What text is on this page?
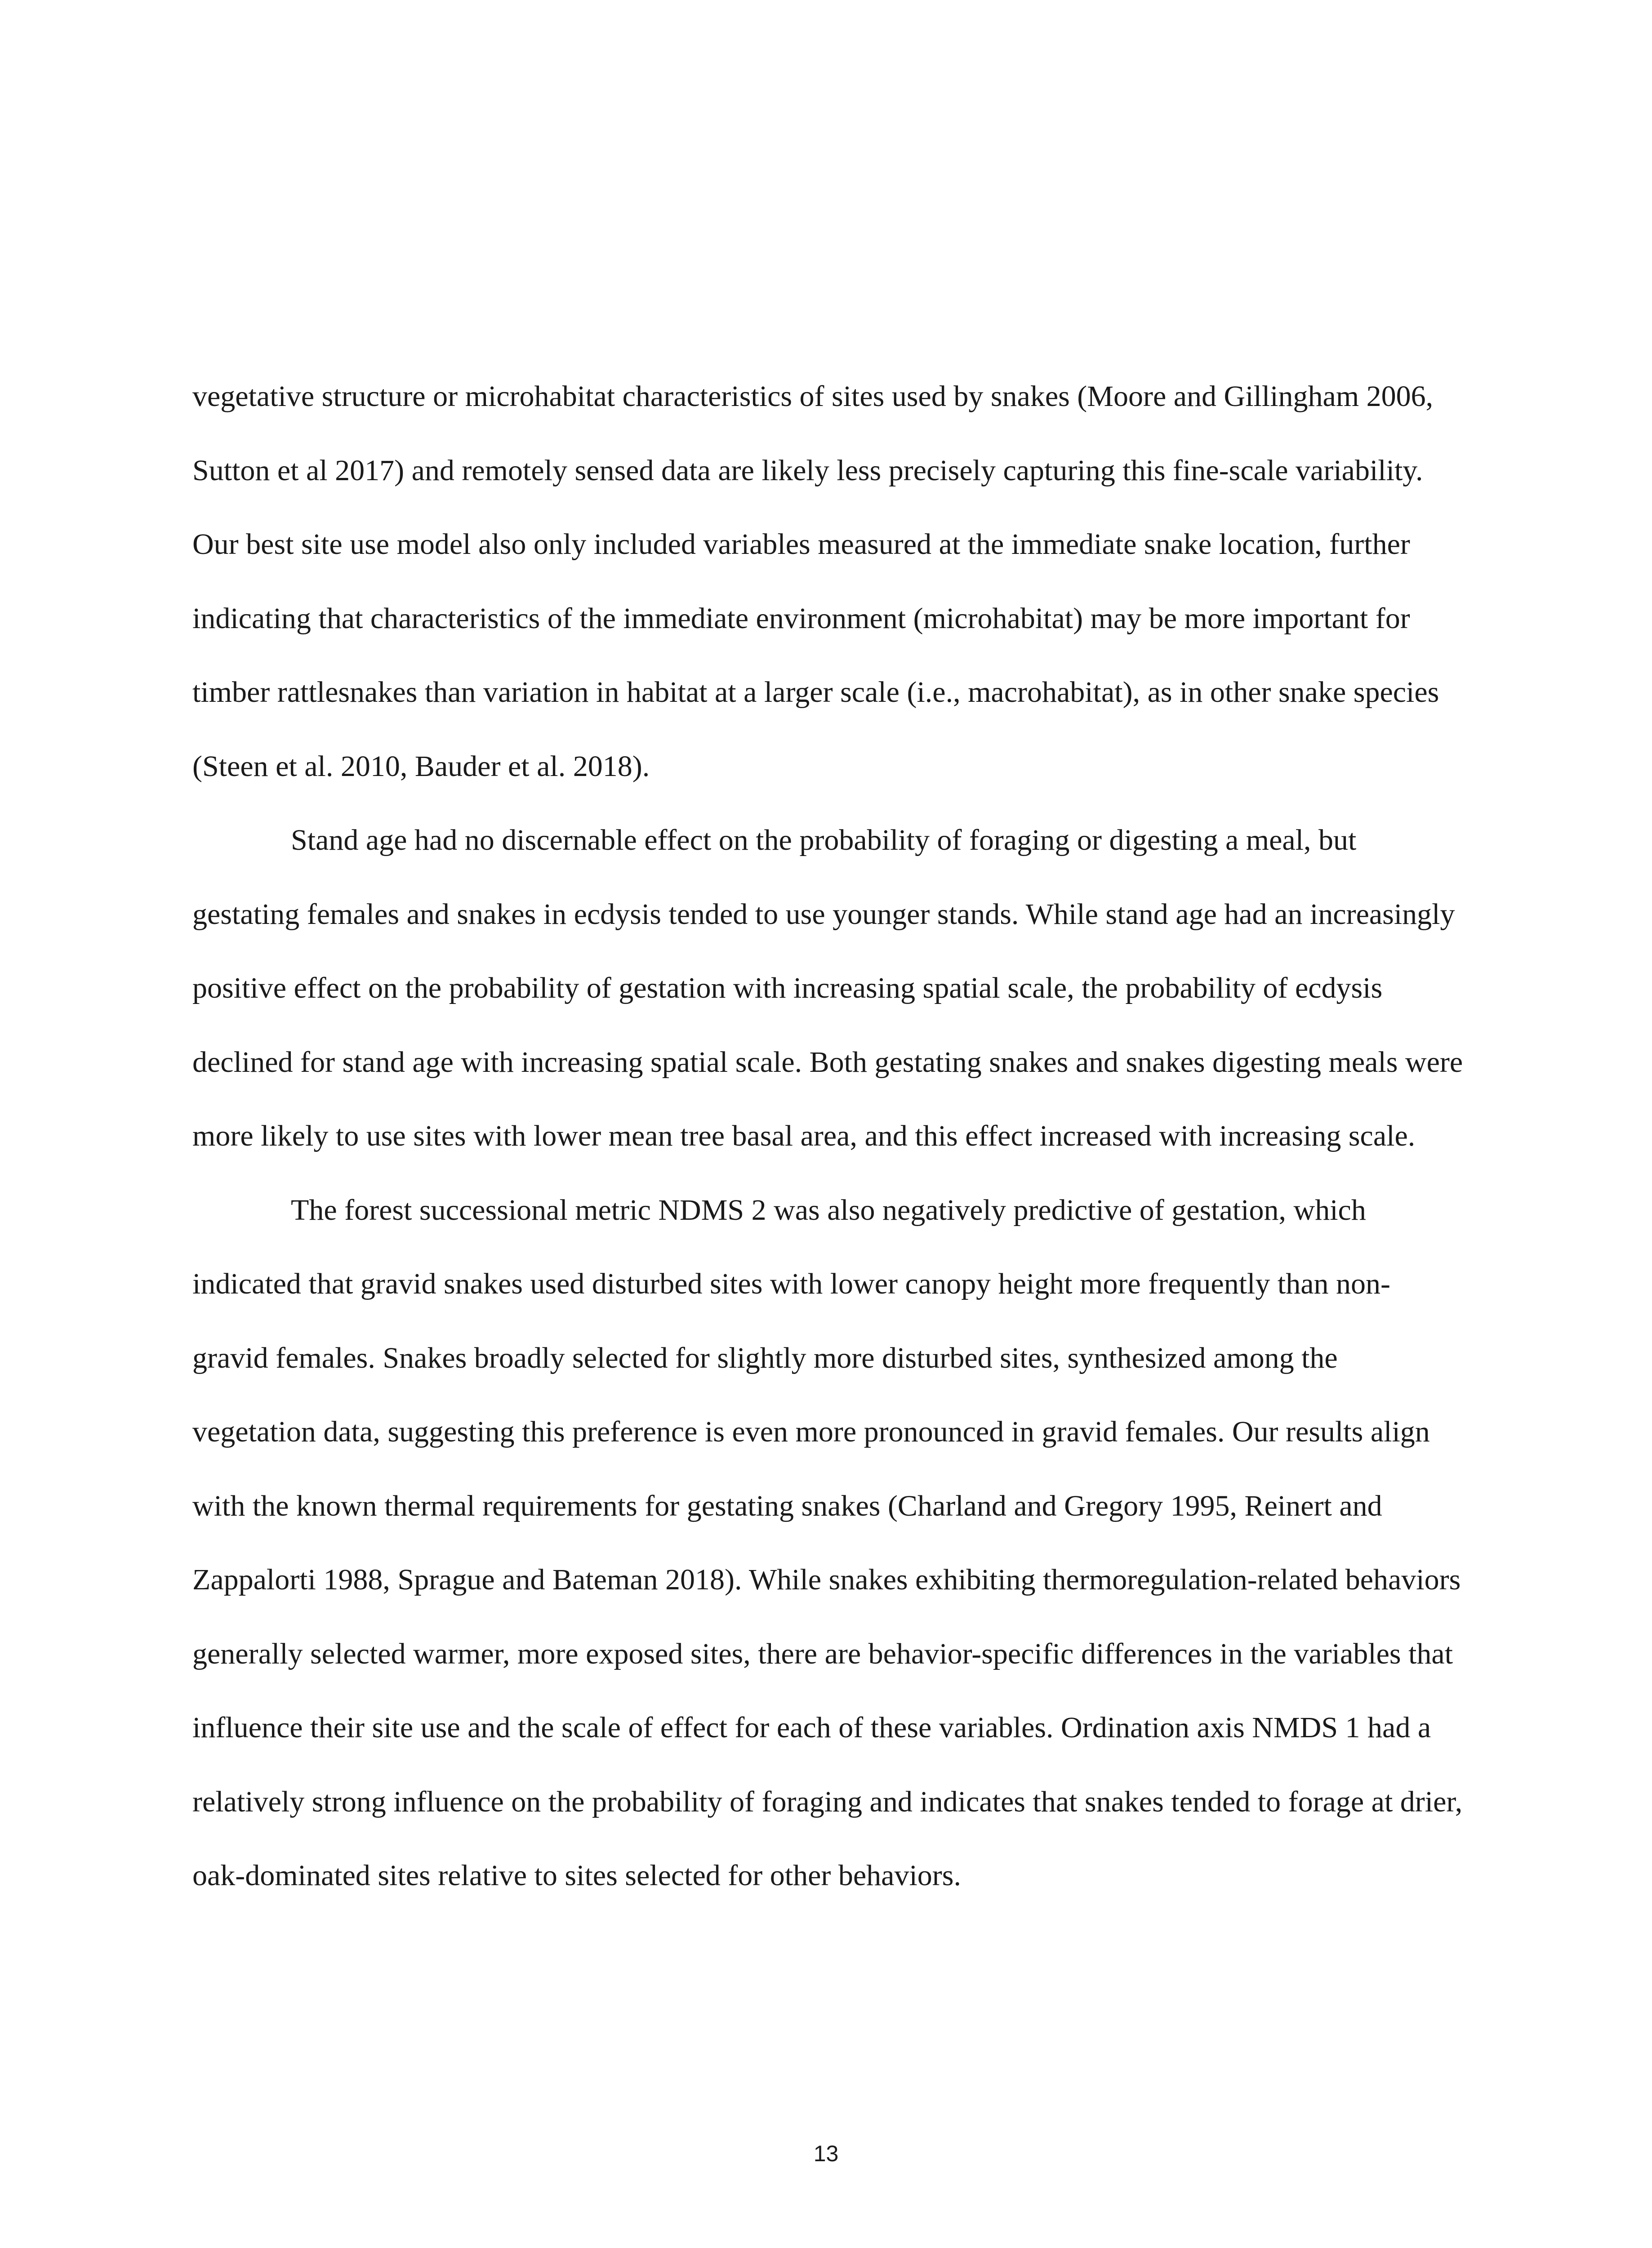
vegetative structure or microhabitat characteristics of sites used by snakes (Moore and Gillingham 2006, Sutton et al 2017) and remotely sensed data are likely less precisely capturing this fine-scale variability. Our best site use model also only included variables measured at the immediate snake location, further indicating that characteristics of the immediate environment (microhabitat) may be more important for timber rattlesnakes than variation in habitat at a larger scale (i.e., macrohabitat), as in other snake species (Steen et al. 2010, Bauder et al. 2018).

Stand age had no discernable effect on the probability of foraging or digesting a meal, but gestating females and snakes in ecdysis tended to use younger stands. While stand age had an increasingly positive effect on the probability of gestation with increasing spatial scale, the probability of ecdysis declined for stand age with increasing spatial scale. Both gestating snakes and snakes digesting meals were more likely to use sites with lower mean tree basal area, and this effect increased with increasing scale.

The forest successional metric NDMS 2 was also negatively predictive of gestation, which indicated that gravid snakes used disturbed sites with lower canopy height more frequently than non-gravid females. Snakes broadly selected for slightly more disturbed sites, synthesized among the vegetation data, suggesting this preference is even more pronounced in gravid females. Our results align with the known thermal requirements for gestating snakes (Charland and Gregory 1995, Reinert and Zappalorti 1988, Sprague and Bateman 2018). While snakes exhibiting thermoregulation-related behaviors generally selected warmer, more exposed sites, there are behavior-specific differences in the variables that influence their site use and the scale of effect for each of these variables. Ordination axis NMDS 1 had a relatively strong influence on the probability of foraging and indicates that snakes tended to forage at drier, oak-dominated sites relative to sites selected for other behaviors.

13
